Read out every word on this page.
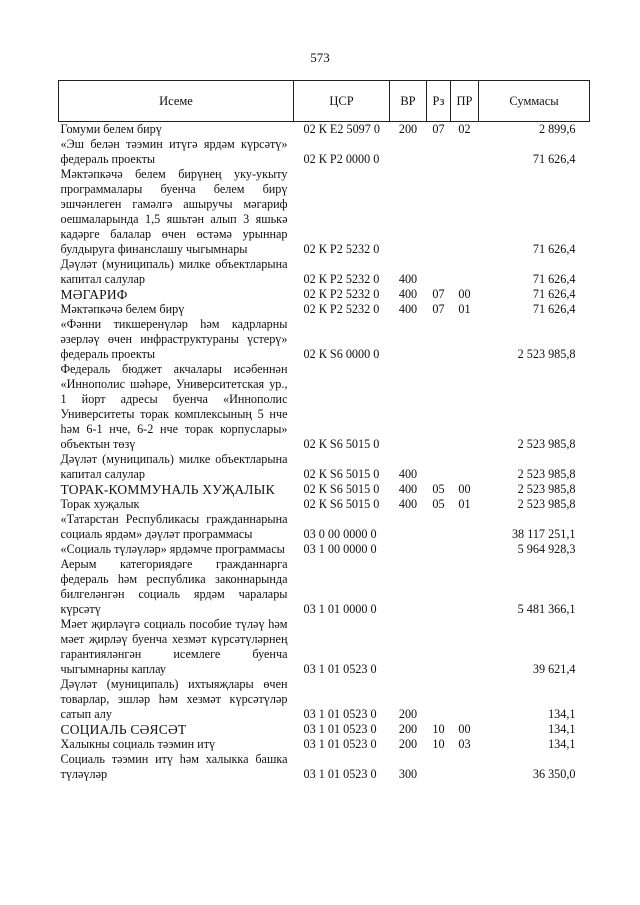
573
Исеме	ЦСР	ВР	Рз	ПР	Суммасы
Гомуми белем бирү	02 К Е2 5097 0	200	07	02	2 899,6
«Эш белән тәэмин итүгә ярдәм күрсәтү» федераль проекты	02 К Р2 0000 0				71 626,4
Мәктәпкәчә белем бирүнең уку-укыту программалары буенча белем бирү эшчәнлеген гамәлгә ашыручы мәгариф оешмаларында 1,5 яшьтән алып 3 яшькә кадәрге балалар өчен өстәмә урыннар булдыруга финанслашу чыгымнары	02 К Р2 5232 0				71 626,4
Дәүләт (муниципаль) милке объектларына капитал салулар	02 К Р2 5232 0	400			71 626,4
МӘГАРИФ	02 К Р2 5232 0	400	07	00	71 626,4
Мәктәпкәчә белем бирү	02 К Р2 5232 0	400	07	01	71 626,4
«Фәнни тикшеренүләр һәм кадрларны әзерләү өчен инфраструктураны үстерү» федераль проекты	02 К S6 0000 0				2 523 985,8
Федераль бюджет акчалары исәбеннән «Иннополис шәһәре, Университетская ур., 1 йорт адресы буенча «Иннополис Университеты торак комплексының 5 нче һәм 6-1 нче, 6-2 нче торак корпуслары» объектын төзү	02 К S6 5015 0				2 523 985,8
Дәүләт (муниципаль) милке объектларына капитал салулар	02 К S6 5015 0	400			2 523 985,8
ТОРАК-КОММУНАЛЬ ХУҖАЛЫК	02 К S6 5015 0	400	05	00	2 523 985,8
Торак хуҗалык	02 К S6 5015 0	400	05	01	2 523 985,8
«Татарстан Республикасы гражданнарына социаль ярдәм» дәүләт программасы	03 0 00 0000 0				38 117 251,1
«Социаль түләүләр» ярдәмче программасы	03 1 00 0000 0				5 964 928,3
Аерым категориядәге гражданнарга федераль һәм республика законнарында билгеләнгән социаль ярдәм чаралары күрсәтү	03 1 01 0000 0				5 481 366,1
Мәет җирләүгә социаль пособие түләү һәм мәет җирләү буенча хезмәт күрсәтүләрнең гарантияләнгән исемлеге буенча чыгымнарны каплау	03 1 01 0523 0				39 621,4
Дәүләт (муниципаль) ихтыяҗлары өчен товарлар, эшләр һәм хезмәт күрсәтүләр сатып алу	03 1 01 0523 0	200			134,1
СОЦИАЛЬ СӘЯСӘТ	03 1 01 0523 0	200	10	00	134,1
Халыкны социаль тәэмин итү	03 1 01 0523 0	200	10	03	134,1
Социаль тәэмин итү һәм халыкка башка түләүләр	03 1 01 0523 0	300			36 350,0
